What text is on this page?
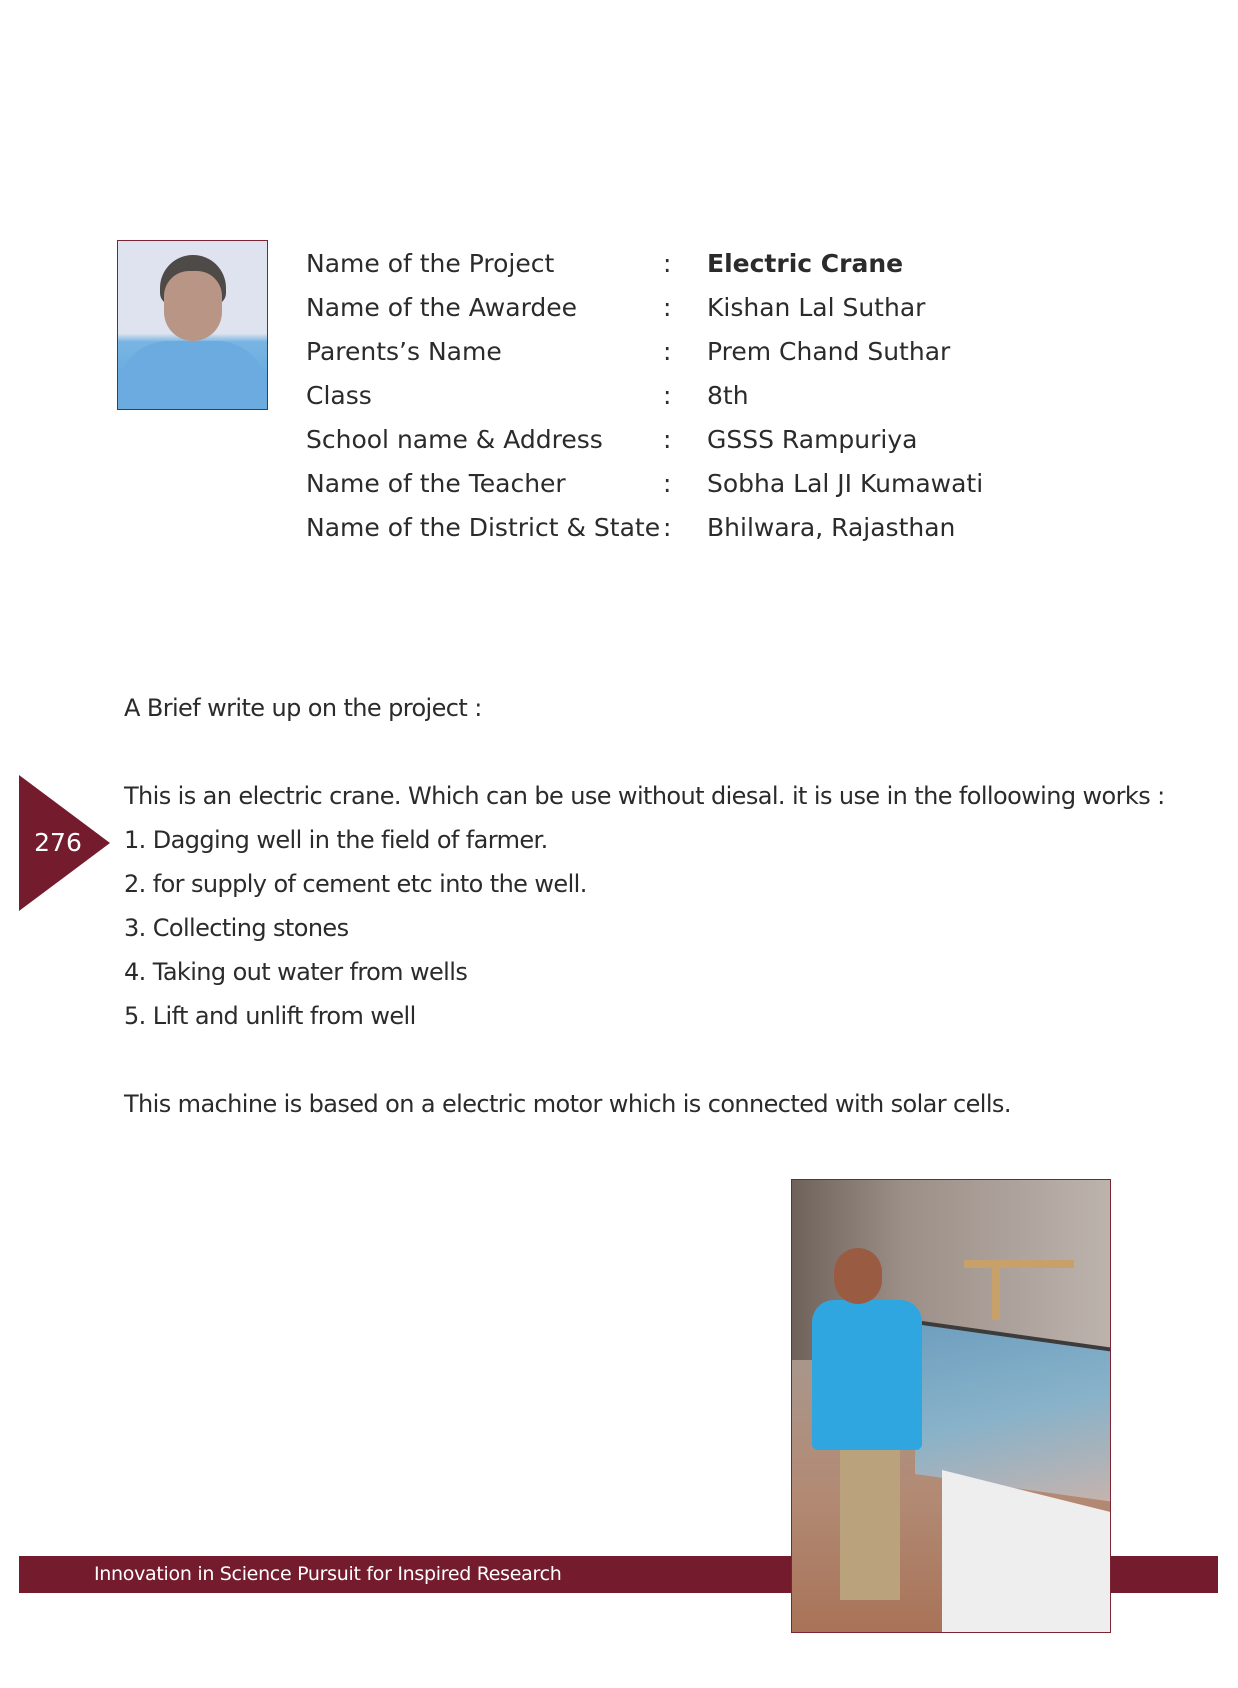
Name of the Project	: Electric Crane
Name of the Awardee	: Kishan Lal Suthar
Parents’s Name	: Prem Chand Suthar
Class	: 8th
School name & Address : GSSS Rampuriya
Name of the Teacher	: Sobha Lal JI Kumawati
Name of the District & State : Bhilwara, Rajasthan
A Brief write up on the project :
This is an electric crane. Which can be use without diesal. it is use in the folloowing works :
1. Dagging well in the field of farmer.
2. for supply of cement etc into the well.
3. Collecting stones
4. Taking out water from wells
5. Lift and unlift from well
This machine is based on a electric motor which is connected with solar cells.
276
Innovation in Science Pursuit for Inspired Research
